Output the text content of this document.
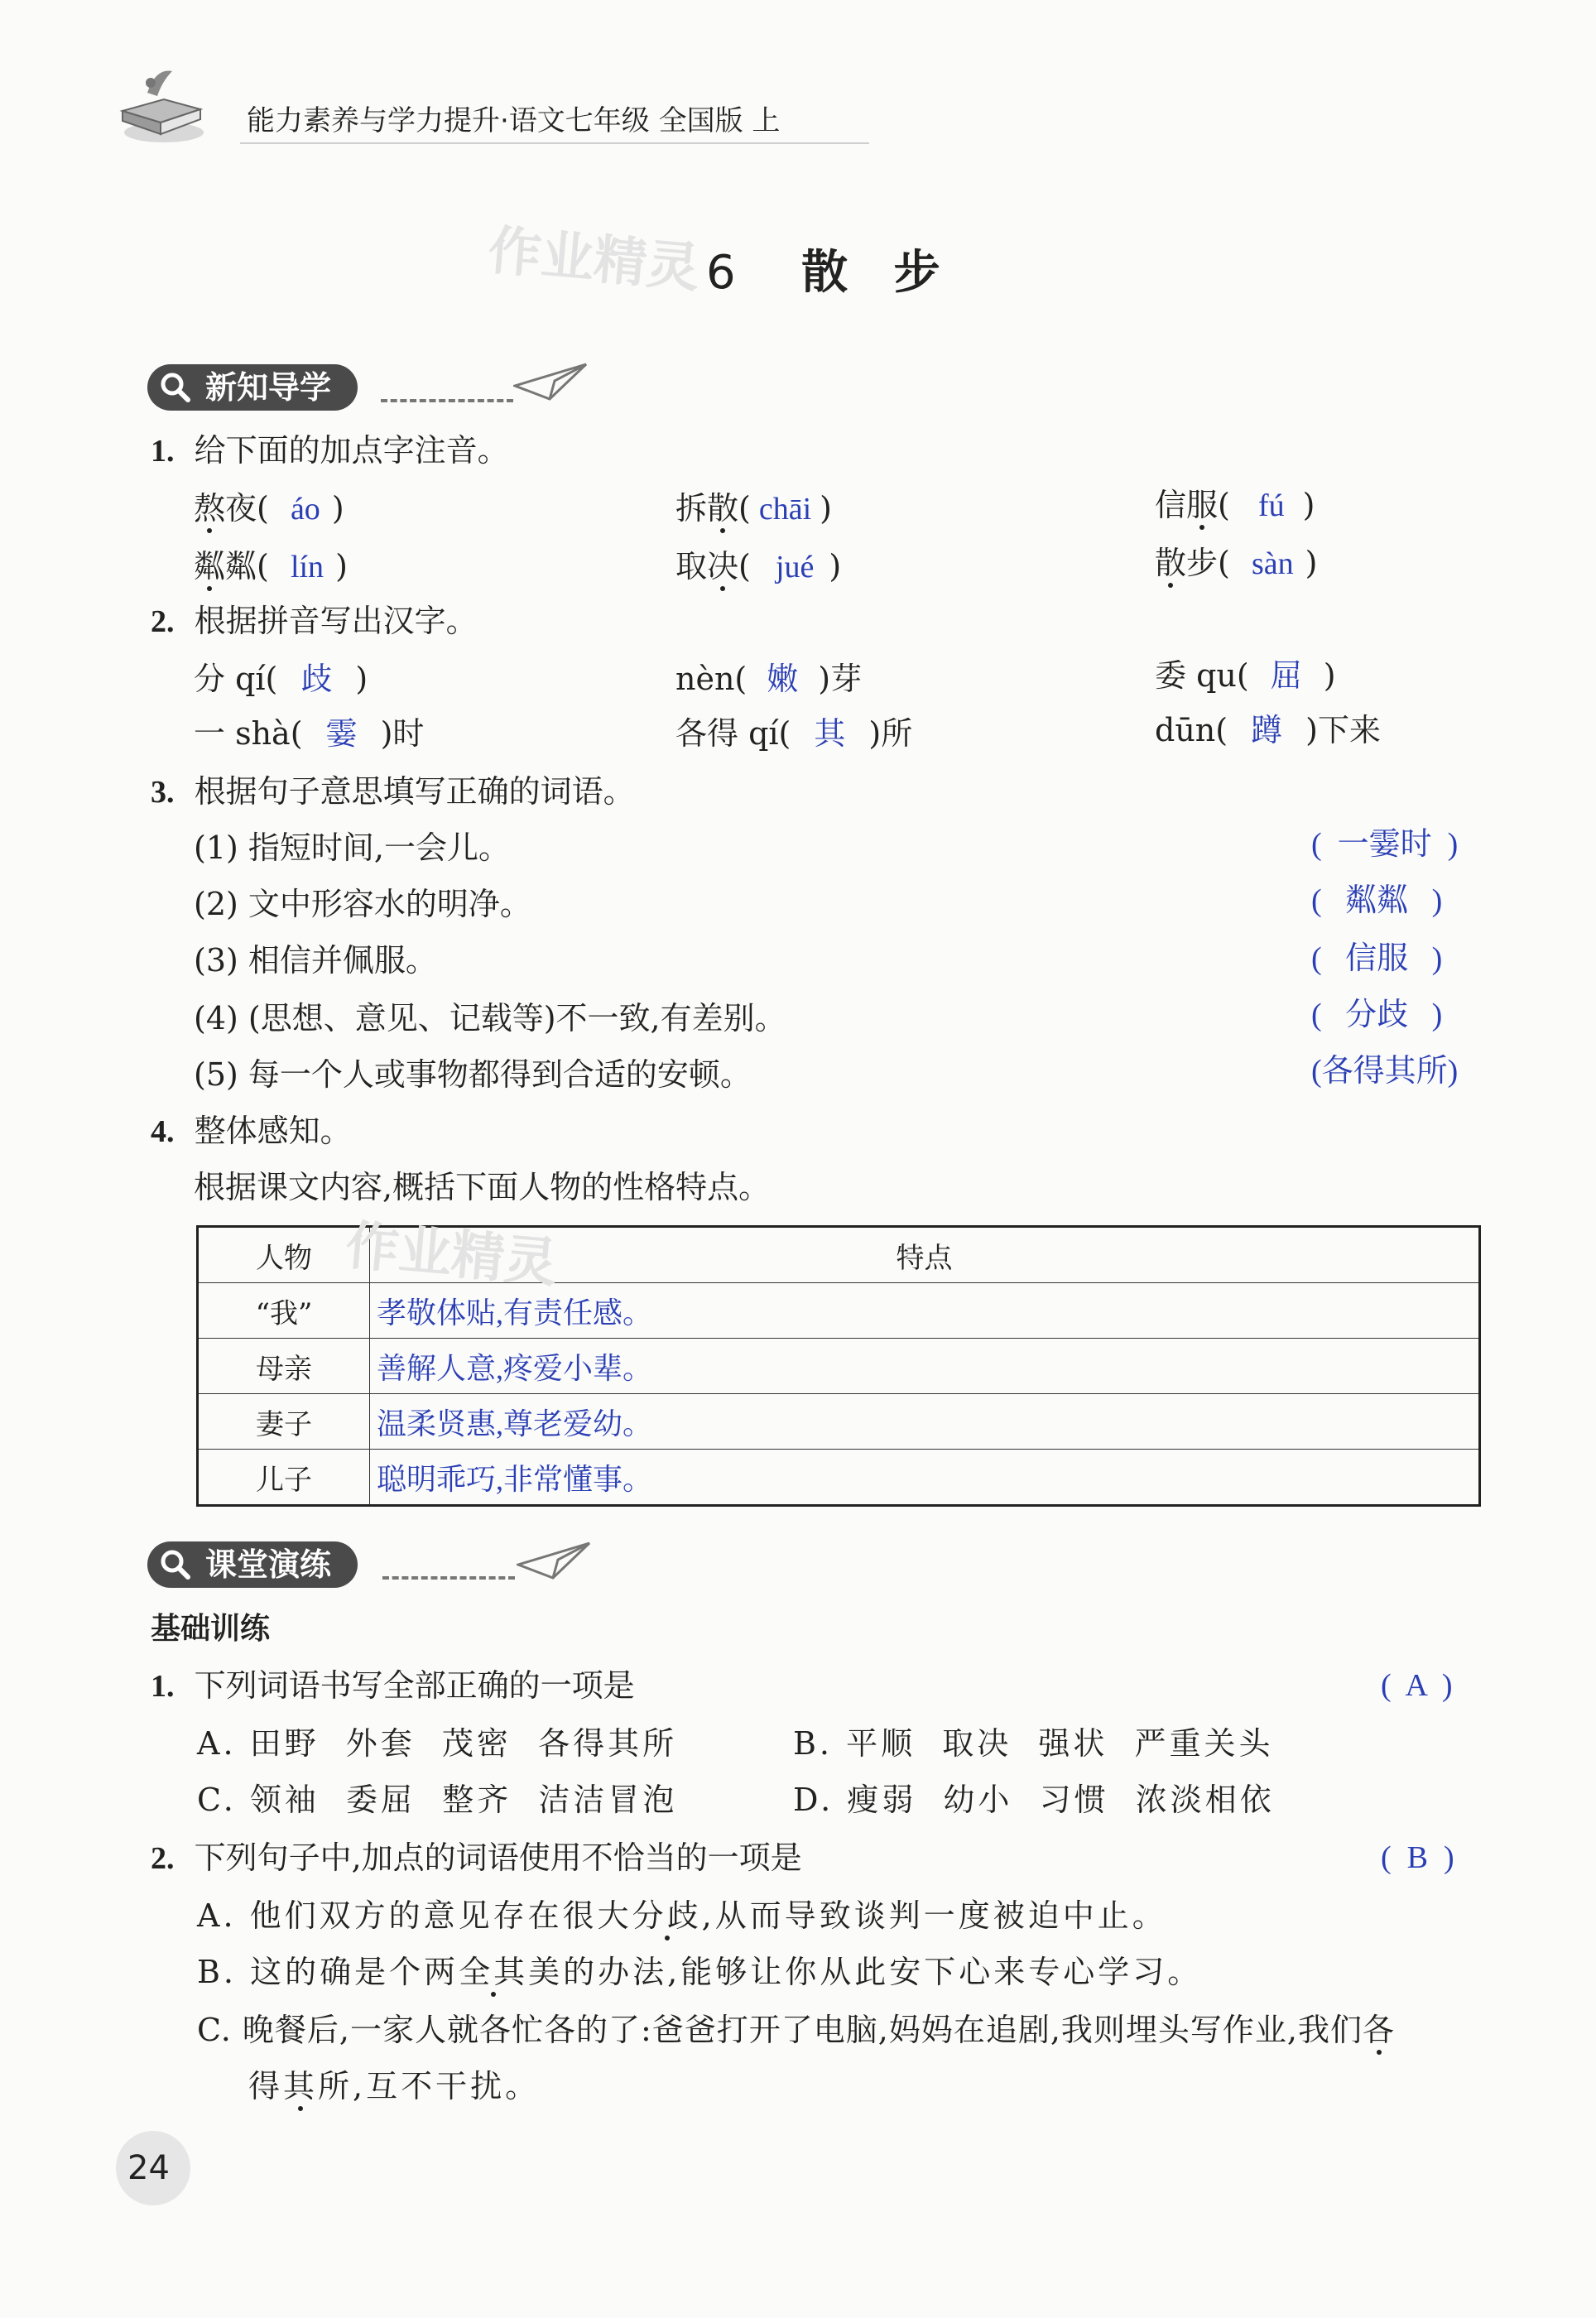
能力素养与学力提升·语文七年级 全国版 上
作业精灵 6 散 步
新知导学
1. 给下面的加点字注音。
熬夜( áo )	拆散( chāi )	信服( fú )
粼粼( lín )	取决( jué )	散步( sàn )
2. 根据拼音写出汉字。
分 qí( 歧 )	nèn( 嫩 )芽	委 qu( 屈 )
一 shà( 霎 )时	各得 qí( 其 )所	dūn( 蹲 )下来
3. 根据句子意思填写正确的词语。
(1) 指短时间,一会儿。	(  一霎时  )
(2) 文中形容水的明净。	(   粼粼   )
(3) 相信并佩服。	(   信服   )
(4) (思想、意见、记载等)不一致,有差别。	(   分歧   )
(5) 每一个人或事物都得到合适的安顿。	(各得其所)
4. 整体感知。
根据课文内容,概括下面人物的性格特点。
人物	特点
“我”	孝敬体贴,有责任感。
母亲	善解人意,疼爱小辈。
妻子	温柔贤惠,尊老爱幼。
儿子	聪明乖巧,非常懂事。
作业精灵
课堂演练
基础训练
1. 下列词语书写全部正确的一项是	(  A  )
A. 田野  外套  茂密  各得其所	B. 平顺  取决  强状  严重关头
C. 领袖  委屈  整齐  洁洁冒泡	D. 瘦弱  幼小  习惯  浓淡相依
2. 下列句子中,加点的词语使用不恰当的一项是	(  B  )
A. 他们双方的意见存在很大分歧,从而导致谈判一度被迫中止。
B. 这的确是个两全其美的办法,能够让你从此安下心来专心学习。
C. 晚餐后,一家人就各忙各的了:爸爸打开了电脑,妈妈在追剧,我则埋头写作业,我们各
得其所,互不干扰。
24
